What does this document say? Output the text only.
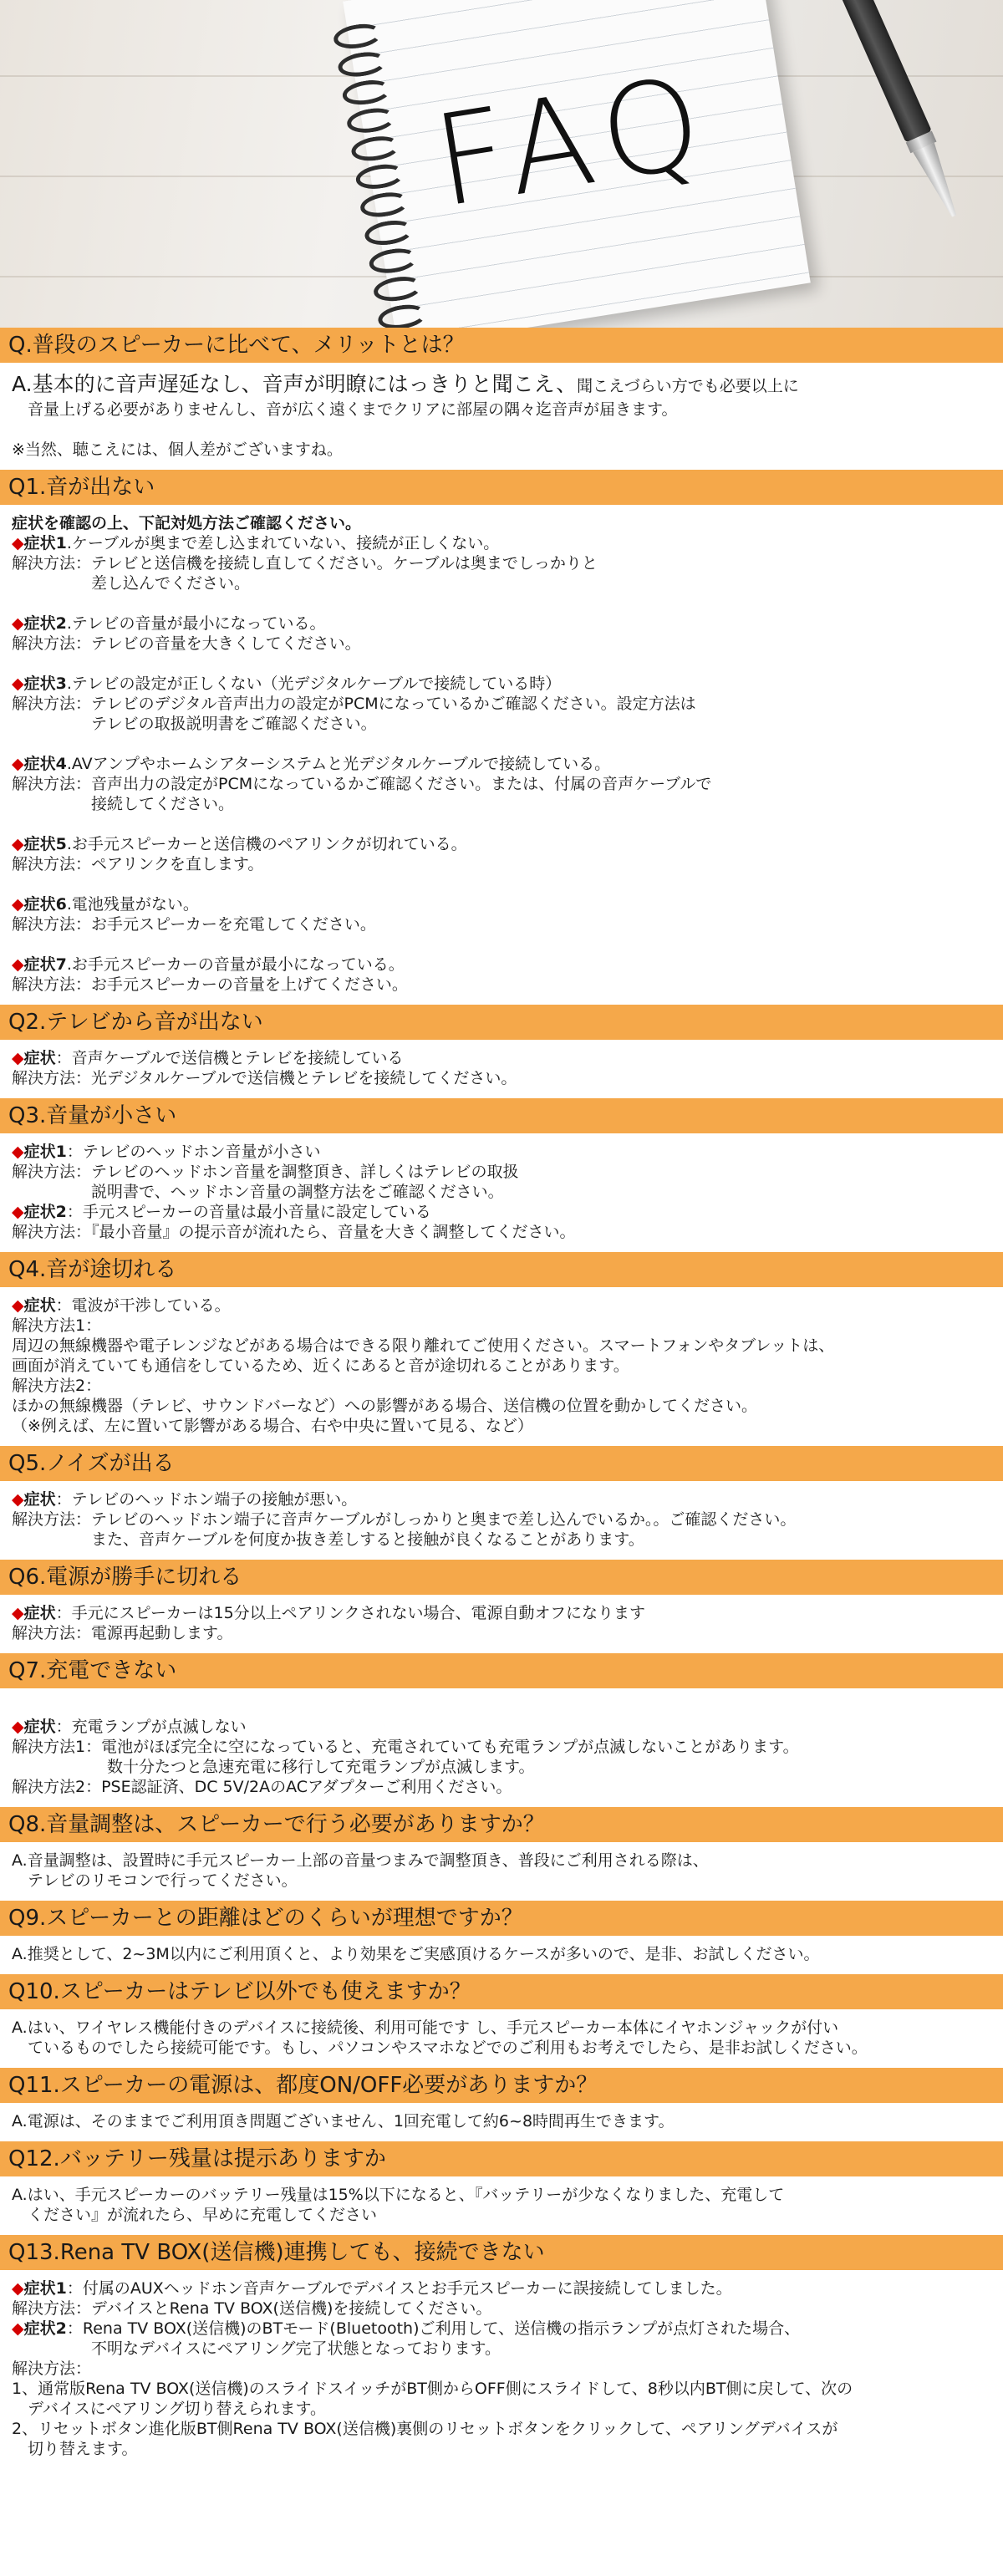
FAQ
Q.普段のスピーカーに比べて、メリットとは？
A.基本的に音声遅延なし、音声が明瞭にはっきりと聞こえ、聞こえづらい方でも必要以上に
　音量上げる必要がありませんし、音が広く遠くまでクリアに部屋の隅々迄音声が届きます。
※当然、聴こえには、個人差がございますね。
Q1.音が出ない
症状を確認の上、下記対処方法ご確認ください。
◆症状1.ケーブルが奥まで差し込まれていない、接続が正しくない。
解決方法：テレビと送信機を接続し直してください。ケーブルは奥までしっかりと
　　　　　差し込んでください。
◆症状2.テレビの音量が最小になっている。
解決方法：テレビの音量を大きくしてください。
◆症状3.テレビの設定が正しくない（光デジタルケーブルで接続している時）
解決方法：テレビのデジタル音声出力の設定がPCMになっているかご確認ください。設定方法は
　　　　　テレビの取扱説明書をご確認ください。
◆症状4.AVアンプやホームシアターシステムと光デジタルケーブルで接続している。
解決方法：音声出力の設定がPCMになっているかご確認ください。または、付属の音声ケーブルで
　　　　　接続してください。
◆症状5.お手元スピーカーと送信機のペアリンクが切れている。
解決方法：ペアリンクを直します。
◆症状6.電池残量がない。
解決方法：お手元スピーカーを充電してください。
◆症状7.お手元スピーカーの音量が最小になっている。
解決方法：お手元スピーカーの音量を上げてください。
Q2.テレビから音が出ない
◆症状：音声ケーブルで送信機とテレビを接続している
解決方法：光デジタルケーブルで送信機とテレビを接続してください。
Q3.音量が小さい
◆症状1：テレビのヘッドホン音量が小さい
解決方法：テレビのヘッドホン音量を調整頂き、詳しくはテレビの取扱
　　　　　説明書で、ヘッドホン音量の調整方法をご確認ください。
◆症状2：手元スピーカーの音量は最小音量に設定している
解決方法：『最小音量』の提示音が流れたら、音量を大きく調整してください。
Q4.音が途切れる
◆症状：電波が干渉している。
解決方法1：
周辺の無線機器や電子レンジなどがある場合はできる限り離れてご使用ください。スマートフォンやタブレットは、
画面が消えていても通信をしているため、近くにあると音が途切れることがあります。
解決方法2：
ほかの無線機器（テレビ、サウンドバーなど）への影響がある場合、送信機の位置を動かしてください。
（※例えば、左に置いて影響がある場合、右や中央に置いて見る、など）
Q5.ノイズが出る
◆症状：テレビのヘッドホン端子の接触が悪い。
解決方法：テレビのヘッドホン端子に音声ケーブルがしっかりと奥まで差し込んでいるか。。ご確認ください。
　　　　　また、音声ケーブルを何度か抜き差しすると接触が良くなることがあります。
Q6.電源が勝手に切れる
◆症状：手元にスピーカーは15分以上ペアリンクされない場合、電源自動オフになります
解決方法：電源再起動します。
Q7.充電できない
◆症状：充電ランプが点滅しない
解決方法1：電池がほぼ完全に空になっていると、充電されていても充電ランプが点滅しないことがあります。
　　　　　　数十分たつと急速充電に移行して充電ランプが点滅します。
解決方法2：PSE認証済、DC 5V/2AのACアダプターご利用ください。
Q8.音量調整は、スピーカーで行う必要がありますか？
A.音量調整は、設置時に手元スピーカー上部の音量つまみで調整頂き、普段にご利用される際は、
　テレビのリモコンで行ってください。
Q9.スピーカーとの距離はどのくらいが理想ですか？
A.推奨として、2~3M以内にご利用頂くと、より効果をご実感頂けるケースが多いので、是非、お試しください。
Q10.スピーカーはテレビ以外でも使えますか？
A.はい、ワイヤレス機能付きのデバイスに接続後、利用可能です し、手元スピーカー本体にイヤホンジャックが付い
　ているものでしたら接続可能です。もし、パソコンやスマホなどでのご利用もお考えでしたら、是非お試しください。
Q11.スピーカーの電源は、都度ON/OFF必要がありますか？
A.電源は、そのままでご利用頂き問題ございません、1回充電して約6~8時間再生できます。
Q12.バッテリー残量は提示ありますか
A.はい、手元スピーカーのバッテリー残量は15%以下になると、『バッテリーが少なくなりました、充電して
　ください』が流れたら、早めに充電してください
Q13.Rena TV BOX(送信機)連携しても、接続できない
◆症状1：付属のAUXヘッドホン音声ケーブルでデバイスとお手元スピーカーに誤接続してしました。
解決方法：デバイスとRena TV BOX(送信機)を接続してください。
◆症状2：Rena TV BOX(送信機)のBTモード(Bluetooth)ご利用して、送信機の指示ランプが点灯された場合、
　　　　　不明なデバイスにペアリング完了状態となっております。
解決方法：
1、通常版Rena TV BOX(送信機)のスライドスイッチがBT側からOFF側にスライドして、8秒以内BT側に戻して、次の
　デバイスにペアリング切り替えられます。
2、リセットボタン進化版BT側Rena TV BOX(送信機)裏側のリセットボタンをクリックして、ペアリングデバイスが
　切り替えます。
